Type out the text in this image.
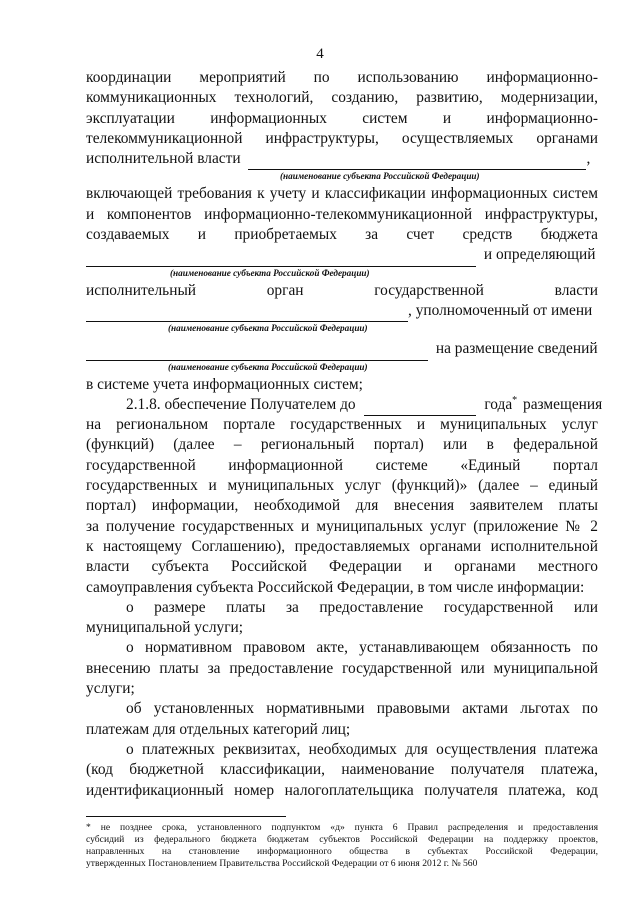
4
координации мероприятий по использованию информационно-
коммуникационных технологий, созданию, развитию, модернизации,
эксплуатации информационных систем и информационно-
телекоммуникационной инфраструктуры, осуществляемых органами
исполнительной власти	,
(наименование субъекта Российской Федерации)
включающей требования к учету и классификации информационных систем
и компонентов информационно-телекоммуникационной инфраструктуры,
создаваемых и приобретаемых за счет средств бюджета
и определяющий
(наименование субъекта Российской Федерации)
исполнительный орган государственной власти
, уполномоченный от имени
(наименование субъекта Российской Федерации)
на размещение сведений
(наименование субъекта Российской Федерации)
в системе учета информационных систем;
2.1.8. обеспечение Получателем до	года* размещения
на региональном портале государственных и муниципальных услуг
(функций) (далее – региональный портал) или в федеральной
государственной информационной системе «Единый портал
государственных и муниципальных услуг (функций)» (далее – единый
портал) информации, необходимой для внесения заявителем платы
за получение государственных и муниципальных услуг (приложение № 2
к настоящему Соглашению), предоставляемых органами исполнительной
власти субъекта Российской Федерации и органами местного
самоуправления субъекта Российской Федерации, в том числе информации:
о размере платы за предоставление государственной или
муниципальной услуги;
о нормативном правовом акте, устанавливающем обязанность по
внесению платы за предоставление государственной или муниципальной
услуги;
об установленных нормативными правовыми актами льготах по
платежам для отдельных категорий лиц;
о платежных реквизитах, необходимых для осуществления платежа
(код бюджетной классификации, наименование получателя платежа,
идентификационный номер налогоплательщика получателя платежа, код
* не позднее срока, установленного подпунктом «д» пункта 6 Правил распределения и предоставления
субсидий из федерального бюджета бюджетам субъектов Российской Федерации на поддержку проектов,
направленных на становление информационного общества в субъектах Российской Федерации,
утвержденных Постановлением Правительства Российской Федерации от 6 июня 2012 г. № 560
